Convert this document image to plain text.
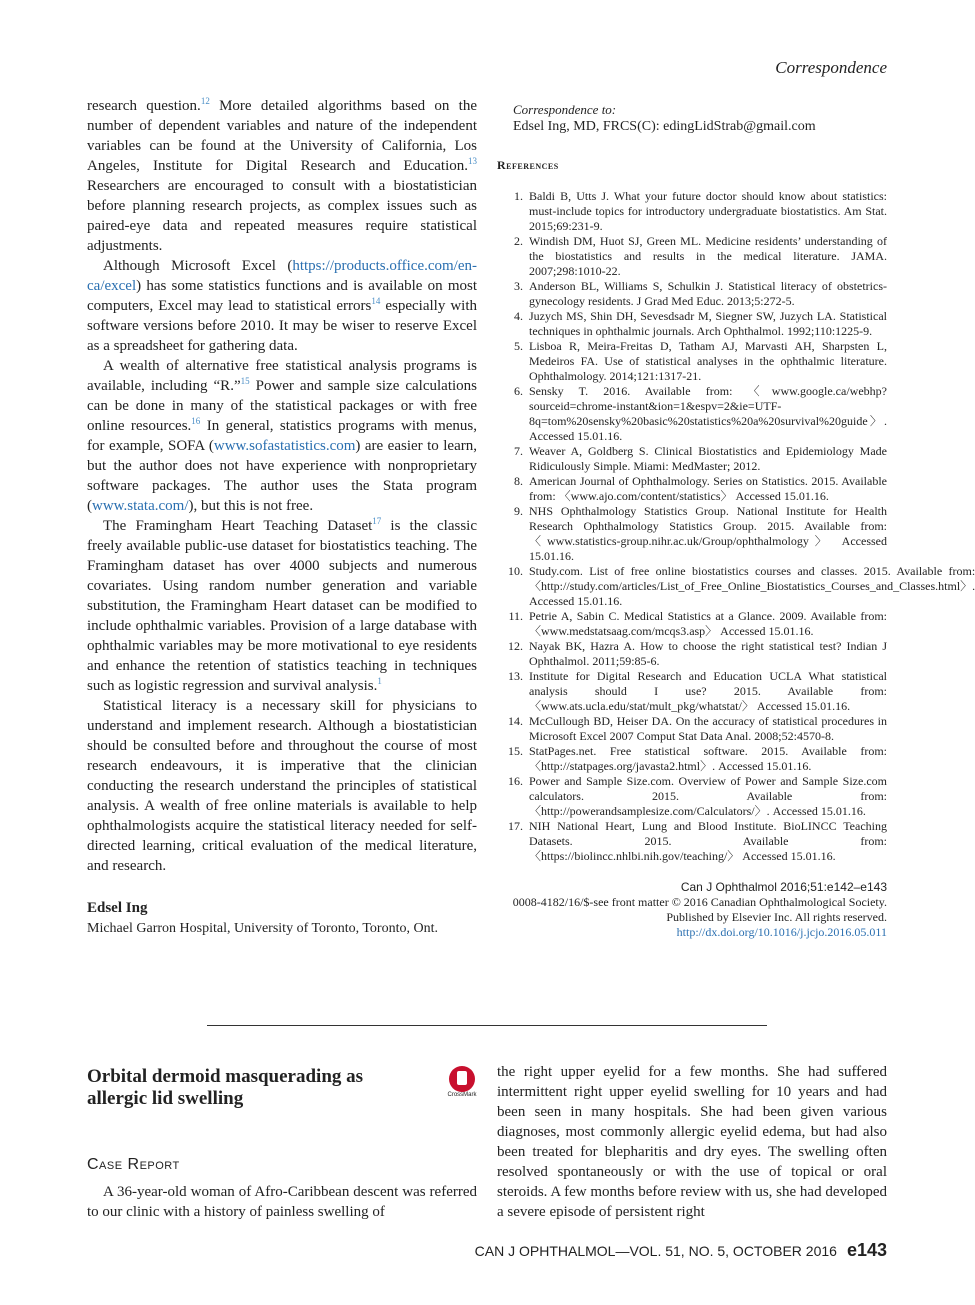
Correspondence

research question.$^{12}$ More detailed algorithms based on the number of dependent variables and nature of the independent variables can be found at the University of California, Los Angeles, Institute for Digital Research and Education.$^{13}$ Researchers are encouraged to consult with a biostatistician before planning research projects, as complex issues such as paired-eye data and repeated measures require statistical adjustments.

Although Microsoft Excel (https://products.office.com/en-ca/excel) has some statistics functions and is available on most computers, Excel may lead to statistical errors$^{14}$ especially with software versions before 2010. It may be wiser to reserve Excel as a spreadsheet for gathering data.

A wealth of alternative free statistical analysis programs is available, including “R.”$^{15}$ Power and sample size calculations can be done in many of the statistical packages or with free online resources.$^{16}$ In general, statistics programs with menus, for example, SOFA (www.sofastatistics.com) are easier to learn, but the author does not have experience with nonproprietary software packages. The author uses the Stata program (www.stata.com/), but this is not free.

The Framingham Heart Teaching Dataset$^{17}$ is the classic freely available public-use dataset for biostatistics teaching. The Framingham dataset has over 4000 subjects and numerous covariates. Using random number generation and variable substitution, the Framingham Heart dataset can be modified to include ophthalmic variables. Provision of a large database with ophthalmic variables may be more motivational to eye residents and enhance the retention of statistics teaching in techniques such as logistic regression and survival analysis.$^1$

Statistical literacy is a necessary skill for physicians to understand and implement research. Although a biostatistician should be consulted before and throughout the course of most research endeavours, it is imperative that the clinician conducting the research understand the principles of statistical analysis. A wealth of free online materials is available to help ophthalmologists acquire the statistical literacy needed for self-directed learning, critical evaluation of the medical literature, and research.

Edsel Ing
Michael Garron Hospital, University of Toronto, Toronto, Ont.
Correspondence to:
Edsel Ing, MD, FRCS(C): edingLidStrab@gmail.com
References
1. Baldi B, Utts J. What your future doctor should know about statistics: must-include topics for introductory undergraduate biostatistics. Am Stat. 2015;69:231-9.
2. Windish DM, Huot SJ, Green ML. Medicine residents’ understanding of the biostatistics and results in the medical literature. JAMA. 2007;298:1010-22.
3. Anderson BL, Williams S, Schulkin J. Statistical literacy of obstetrics-gynecology residents. J Grad Med Educ. 2013;5:272-5.
4. Juzych MS, Shin DH, Sevesdsadr M, Siegner SW, Juzych LA. Statistical techniques in ophthalmic journals. Arch Ophthalmol. 1992;110:1225-9.
5. Lisboa R, Meira-Freitas D, Tatham AJ, Marvasti AH, Sharpsten L, Medeiros FA. Use of statistical analyses in the ophthalmic literature. Ophthalmology. 2014;121:1317-21.
6. Sensky T. 2016. Available from: 〈www.google.ca/webhp?sourceid=chrome-instant&ion=1&espv=2&ie=UTF-8q=tom%20sensky%20basic%20statistics%20a%20survival%20guide〉. Accessed 15.01.16.
7. Weaver A, Goldberg S. Clinical Biostatistics and Epidemiology Made Ridiculously Simple. Miami: MedMaster; 2012.
8. American Journal of Ophthalmology. Series on Statistics. 2015. Available from: 〈www.ajo.com/content/statistics〉 Accessed 15.01.16.
9. NHS Ophthalmology Statistics Group. National Institute for Health Research Ophthalmology Statistics Group. 2015. Available from: 〈www.statistics-group.nihr.ac.uk/Group/ophthalmology〉 Accessed 15.01.16.
10. Study.com. List of free online biostatistics courses and classes. 2015. Available from: 〈http://study.com/articles/List_of_Free_Online_Biostatistics_Courses_and_Classes.html〉. Accessed 15.01.16.
11. Petrie A, Sabin C. Medical Statistics at a Glance. 2009. Available from: 〈www.medstatsaag.com/mcqs3.asp〉 Accessed 15.01.16.
12. Nayak BK, Hazra A. How to choose the right statistical test? Indian J Ophthalmol. 2011;59:85-6.
13. Institute for Digital Research and Education UCLA What statistical analysis should I use? 2015. Available from: 〈www.ats.ucla.edu/stat/mult_pkg/whatstat/〉 Accessed 15.01.16.
14. McCullough BD, Heiser DA. On the accuracy of statistical procedures in Microsoft Excel 2007 Comput Stat Data Anal. 2008;52:4570-8.
15. StatPages.net. Free statistical software. 2015. Available from: 〈http://statpages.org/javasta2.html〉. Accessed 15.01.16.
16. Power and Sample Size.com. Overview of Power and Sample Size.com calculators. 2015. Available from: 〈http://powerandsamplesize.com/Calculators/〉. Accessed 15.01.16.
17. NIH National Heart, Lung and Blood Institute. BioLINCC Teaching Datasets. 2015. Available from: 〈https://biolincc.nhlbi.nih.gov/teaching/〉 Accessed 15.01.16.
Can J Ophthalmol 2016;51:e142–e143
0008-4182/16/$-see front matter © 2016 Canadian Ophthalmological Society.
Published by Elsevier Inc. All rights reserved.
http://dx.doi.org/10.1016/j.jcjo.2016.05.011
Orbital dermoid masquerading as allergic lid swelling	CrossMark
Case Report
A 36-year-old woman of Afro-Caribbean descent was referred to our clinic with a history of painless swelling of
the right upper eyelid for a few months. She had suffered intermittent right upper eyelid swelling for 10 years and had been seen in many hospitals. She had been given various diagnoses, most commonly allergic eyelid edema, but had also been treated for blepharitis and dry eyes. The swelling often resolved spontaneously or with the use of topical or oral steroids. A few months before review with us, she had developed a severe episode of persistent right
CAN J OPHTHALMOL—VOL. 51, NO. 5, OCTOBER 2016 e143
